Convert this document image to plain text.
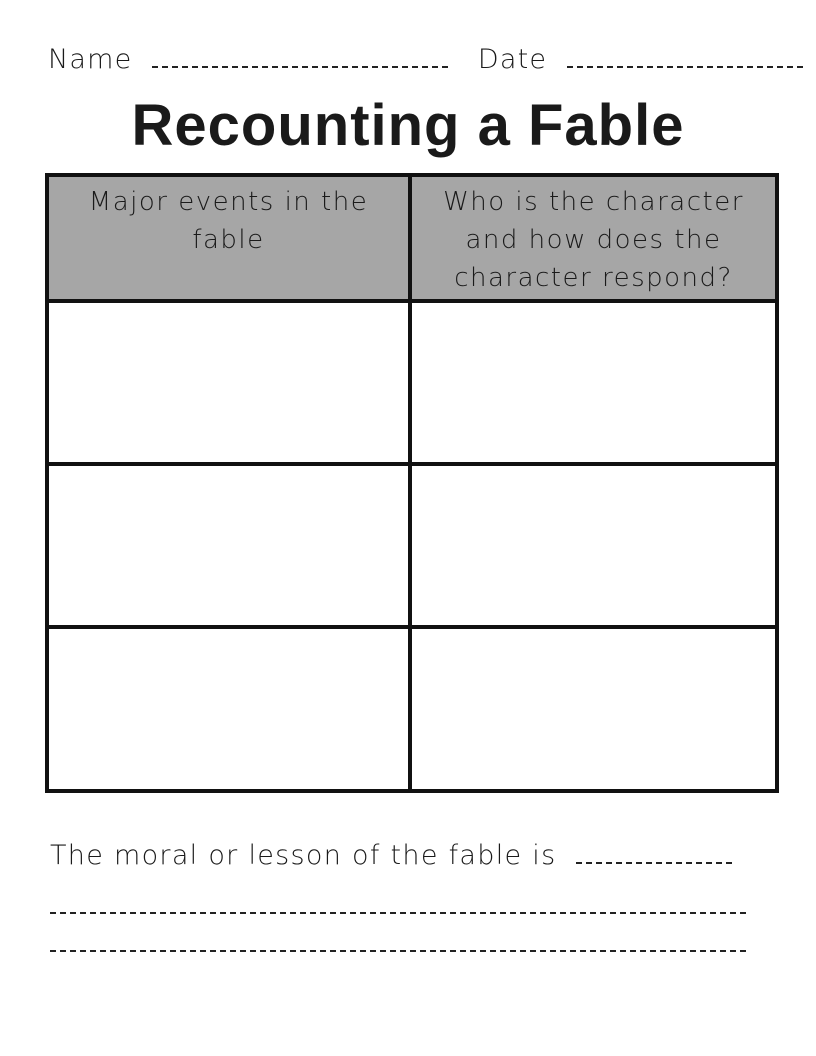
Name	Date
Recounting a Fable
Major events in the fable
Who is the character and how does the character respond?
The moral or lesson of the fable is
